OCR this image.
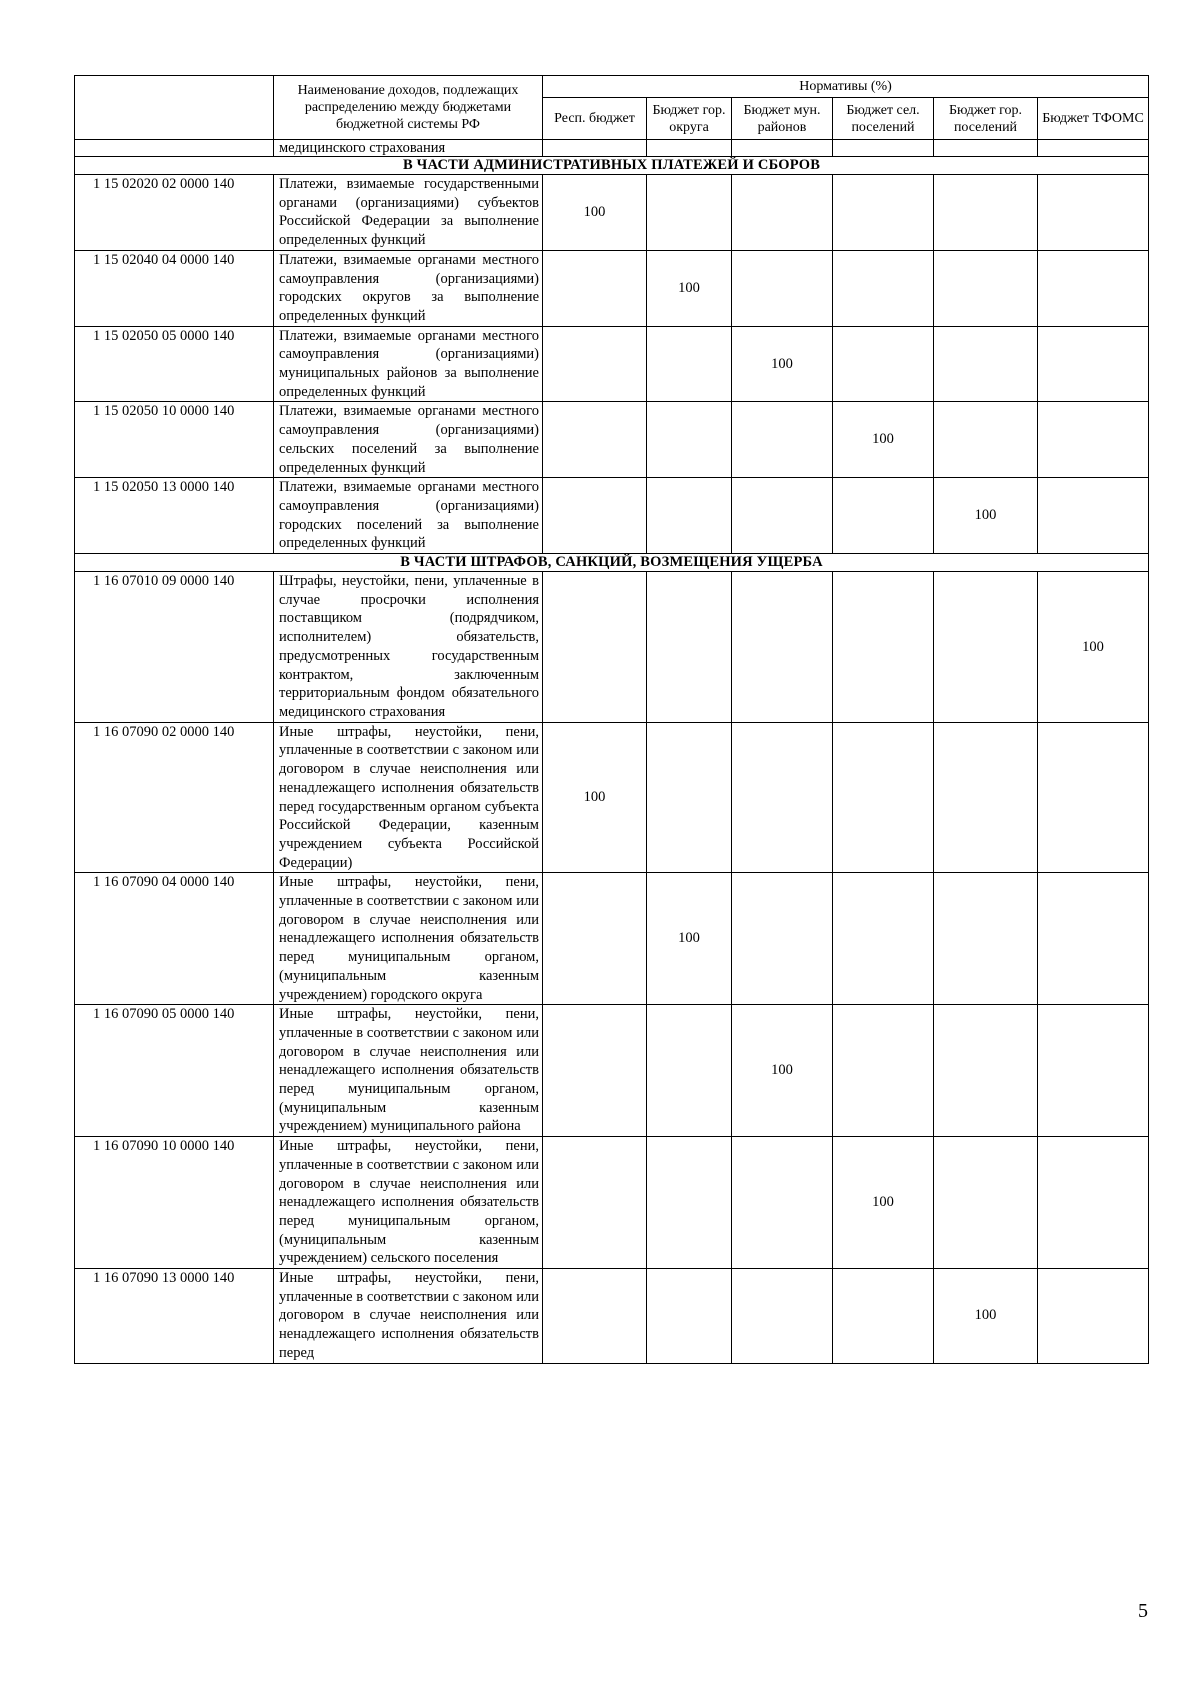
	Наименование доходов, подлежащих распределению между бюджетами бюджетной системы РФ	Нормативы (%)					
		Респ. бюджет	Бюджет гор. округа	Бюджет мун. районов	Бюджет сел. поселений	Бюджет гор. поселений	Бюджет ТФОМС
	медицинского страхования						
В ЧАСТИ АДМИНИСТРАТИВНЫХ ПЛАТЕЖЕЙ И СБОРОВ							
1 15 02020 02 0000 140	Платежи, взимаемые государственными органами (организациями) субъектов Российской Федерации за выполнение определенных функций	100					
1 15 02040 04 0000 140	Платежи, взимаемые органами местного самоуправления (организациями) городских округов за выполнение определенных функций		100				
1 15 02050 05 0000 140	Платежи, взимаемые органами местного самоуправления (организациями) муниципальных районов за выполнение определенных функций			100			
1 15 02050 10 0000 140	Платежи, взимаемые органами местного самоуправления (организациями) сельских поселений за выполнение определенных функций				100		
1 15 02050 13 0000 140	Платежи, взимаемые органами местного самоуправления (организациями) городских поселений за выполнение определенных функций					100	
В ЧАСТИ ШТРАФОВ, САНКЦИЙ, ВОЗМЕЩЕНИЯ УЩЕРБА							
1 16 07010 09 0000 140	Штрафы, неустойки, пени, уплаченные в случае просрочки исполнения поставщиком (подрядчиком, исполнителем) обязательств, предусмотренных государственным контрактом, заключенным территориальным фондом обязательного медицинского страхования						100
1 16 07090 02 0000 140	Иные штрафы, неустойки, пени, уплаченные в соответствии с законом или договором в случае неисполнения или ненадлежащего исполнения обязательств перед государственным органом субъекта Российской Федерации, казенным учреждением субъекта Российской Федерации)	100					
1 16 07090 04 0000 140	Иные штрафы, неустойки, пени, уплаченные в соответствии с законом или договором в случае неисполнения или ненадлежащего исполнения обязательств перед муниципальным органом, (муниципальным казенным учреждением) городского округа		100				
1 16 07090 05 0000 140	Иные штрафы, неустойки, пени, уплаченные в соответствии с законом или договором в случае неисполнения или ненадлежащего исполнения обязательств перед муниципальным органом, (муниципальным казенным учреждением) муниципального района			100			
1 16 07090 10 0000 140	Иные штрафы, неустойки, пени, уплаченные в соответствии с законом или договором в случае неисполнения или ненадлежащего исполнения обязательств перед муниципальным органом, (муниципальным казенным учреждением) сельского поселения				100		
1 16 07090 13 0000 140	Иные штрафы, неустойки, пени, уплаченные в соответствии с законом или договором в случае неисполнения или ненадлежащего исполнения обязательств перед					100	
5
